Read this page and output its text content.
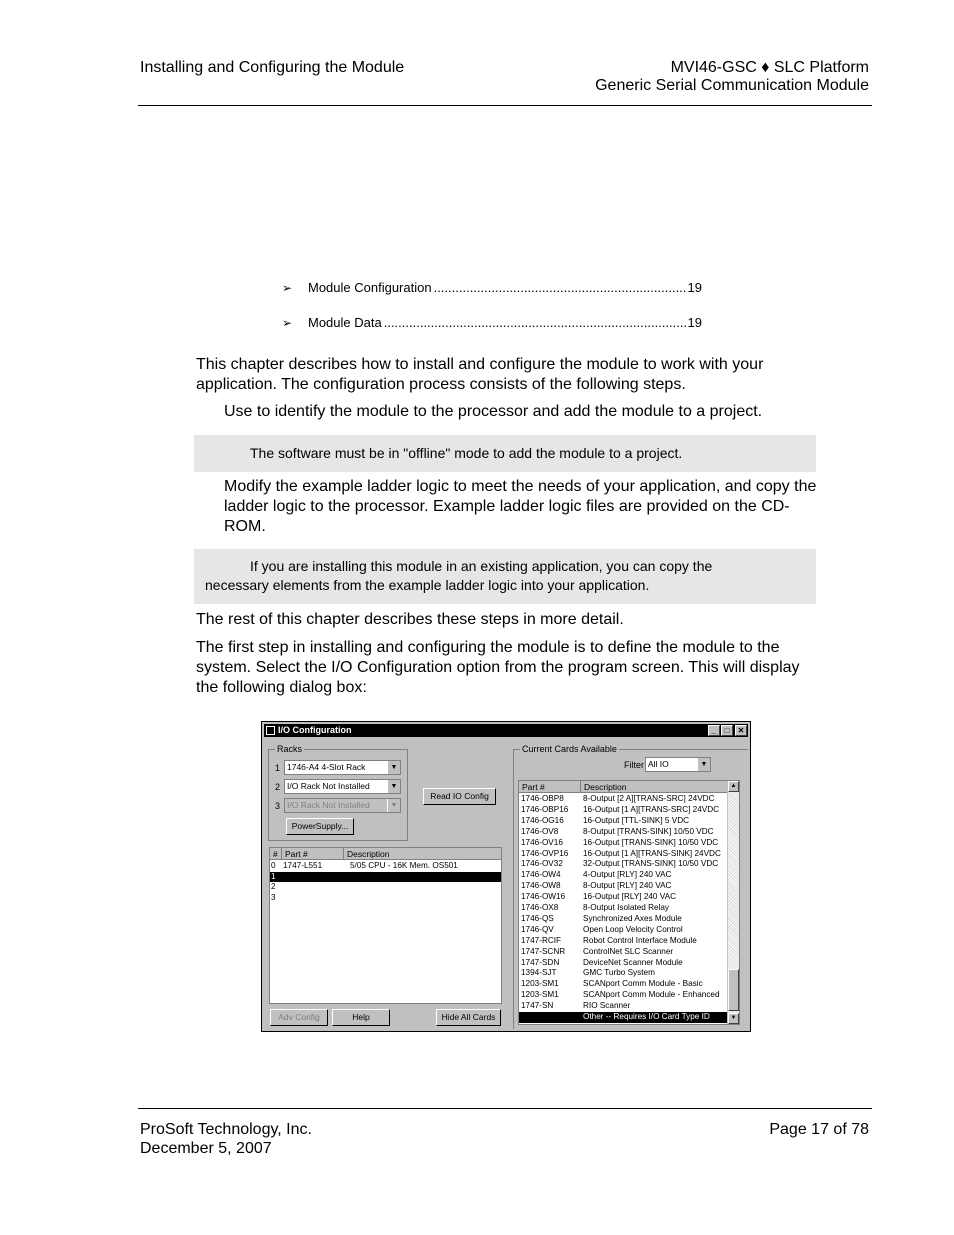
Installing and Configuring the Module	MVI46-GSC ♦ SLC Platform
Generic Serial Communication Module
➢	Module Configuration .....	19
➢	Module Data .....	19
This chapter describes how to install and configure the module to work with your application. The configuration process consists of the following steps.
Use to identify the module to the processor and add the module to a project.
The software must be in "offline" mode to add the module to a project.
Modify the example ladder logic to meet the needs of your application, and copy the ladder logic to the processor. Example ladder logic files are provided on the CD-ROM.
If you are installing this module in an existing application, you can copy the
necessary elements from the example ladder logic into your application.
The rest of this chapter describes these steps in more detail.
The first step in installing and configuring the module is to define the module to the system. Select the I/O Configuration option from the program screen. This will display the following dialog box:
I/O Configuration	_	□	✕
Racks
1 1746-A4 4-Slot Rack	▼
2 I/O Rack Not Installed	▼
3 I/O Rack Not Installed	▼
PowerSupply...
Read IO Config
# Part #	Description
0 1747-L551	5/05 CPU - 16K Mem. OS501
1
2
3
Adv Config	Help	Hide All Cards
Current Cards Available
Filter All IO	▼
Part #	Description
1746-OBP8 8-Output [2 A][TRANS-SRC] 24VDC
1746-OBP16 16-Output [1 A][TRANS-SRC] 24VDC
1746-OG16 16-Output [TTL-SINK] 5 VDC
1746-OV8	8-Output [TRANS-SINK] 10/50 VDC
1746-OV16 16-Output [TRANS-SINK] 10/50 VDC
1746-OVP16 16-Output [1 A][TRANS-SINK] 24VDC
1746-OV32 32-Output [TRANS-SINK] 10/50 VDC
1746-OW4	4-Output [RLY] 240 VAC
1746-OW8	8-Output [RLY] 240 VAC
1746-OW16 16-Output [RLY] 240 VAC
1746-OX8	8-Output Isolated Relay
1746-QS	Synchronized Axes Module
1746-QV	Open Loop Velocity Control
1747-RCIF	Robot Control Interface Module
1747-SCNR ControlNet SLC Scanner
1747-SDN	DeviceNet Scanner Module
1394-SJT	GMC Turbo System
1203-SM1	SCANport Comm Module - Basic
1203-SM1	SCANport Comm Module - Enhanced
1747-SN	RIO Scanner
Other -- Requires I/O Card Type ID
▲
▼
ProSoft Technology, Inc.
December 5, 2007
Page 17 of 78
